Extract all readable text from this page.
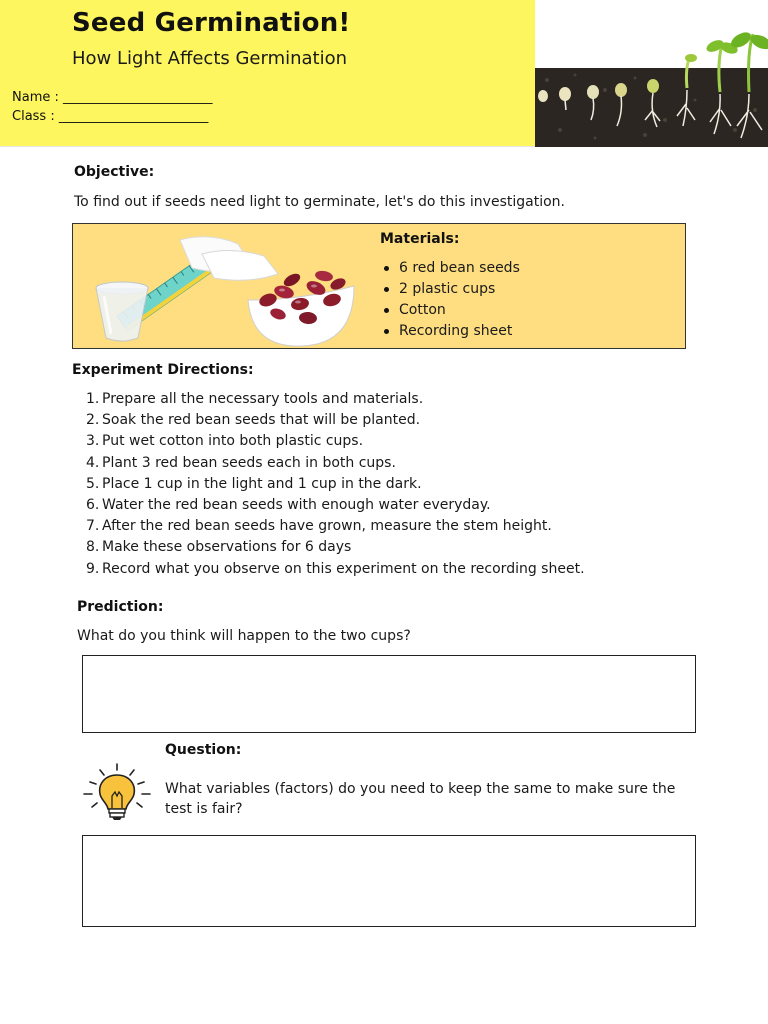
Seed Germination!
How Light Affects Germination
Name : _______________________
Class : _______________________
Objective:
To find out if seeds need light to germinate, let's do this investigation.
Materials:
6 red bean seeds
2 plastic cups
Cotton
Recording sheet
Experiment Directions:
1. Prepare all the necessary tools and materials.
2. Soak the red bean seeds that will be planted.
3. Put wet cotton into both plastic cups.
4. Plant 3 red bean seeds each in both cups.
5. Place 1 cup in the light and 1 cup in the dark.
6. Water the red bean seeds with enough water everyday.
7. After the red bean seeds have grown, measure the stem height.
8. Make these observations for 6 days
9. Record what you observe on this experiment on the recording sheet.
Prediction:
What do you think will happen to the two cups?
Question:
What variables (factors) do you need to keep the same to make sure the test is fair?
